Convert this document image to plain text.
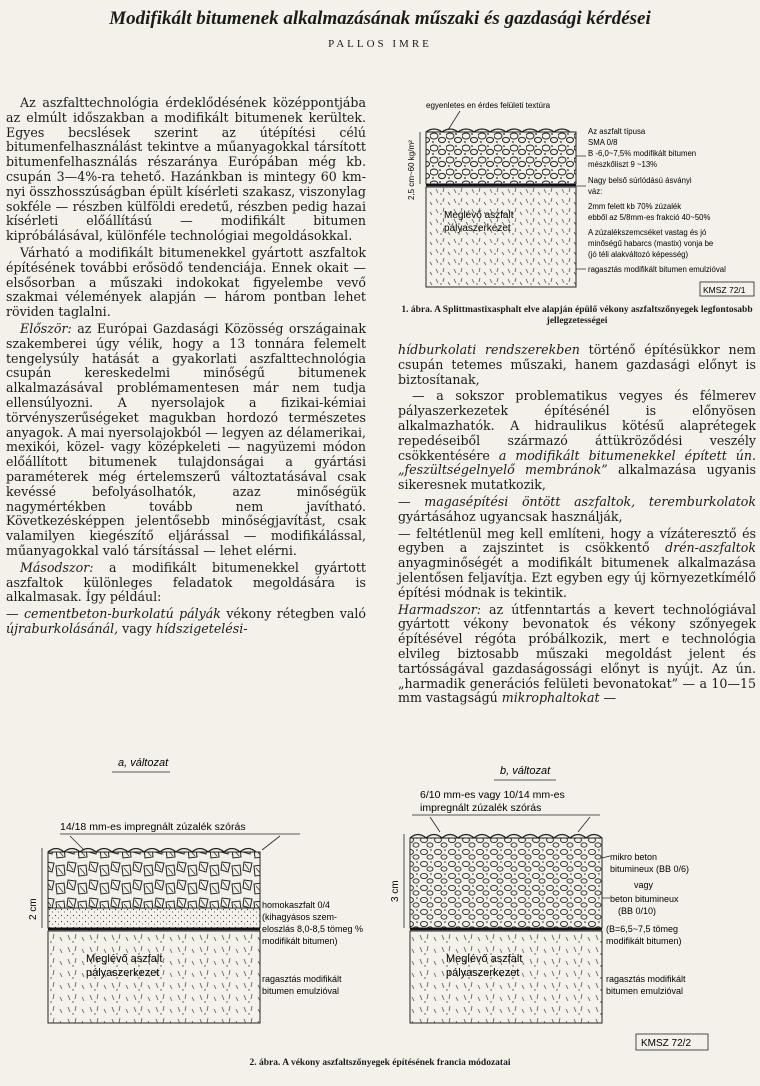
Modifikált bitumenek alkalmazásának műszaki és gazdasági kérdései
PALLOS IMRE

Az aszfalttechnológia érdeklődésének középpontjába az elmúlt időszakban a modifikált bitumenek kerültek. Egyes becslések szerint az útépítési célú bitumenfelhasználást tekintve a műanyagokkal társított bitumenfelhasználás részaránya Európában még kb. csupán 3—4%-ra tehető. Hazánkban is mintegy 60 km-nyi összhosszúságban épült kísérleti szakasz, viszonylag sokféle — részben külföldi eredetű, részben pedig hazai kísérleti előállítású — modifikált bitumen kipróbálásával, különféle technológiai megoldásokkal.

Várható a modifikált bitumenekkel gyártott aszfaltok építésének további erősödő tendenciája. Ennek okait — elsősorban a műszaki indokokat figyelembe vevő szakmai vélemények alapján — három pontban lehet röviden taglalni.

Először: az Európai Gazdasági Közösség országainak szakemberei úgy vélik, hogy a 13 tonnára felemelt tengelysúly hatását a gyakorlati aszfalttechnológia csupán kereskedelmi minőségű bitumenek alkalmazásával problémamentesen már nem tudja ellensúlyozni. A nyersolajok a fizikai-kémiai törvényszerűségeket magukban hordozó természetes anyagok. A mai nyersolajokból — legyen az délamerikai, mexikói, közel- vagy középkeleti — nagyüzemi módon előállított bitumenek tulajdonságai a gyártási paraméterek még értelemszerű változtatásával csak kevéssé befolyásolhatók, azaz minőségük nagymértékben tovább nem javítható. Következésképpen jelentősebb minőségjavítást, csak valamilyen kiegészítő eljárással — modifikálással, műanyagokkal való társítással — lehet elérni.

Másodszor: a modifikált bitumenekkel gyártott aszfaltok különleges feladatok megoldására is alkalmasak. Így például:

— cementbeton-burkolatú pályák vékony rétegben való újraburkolásánál, vagy hídszigetelési-

egyenletes en érdes felületi textúra
2,5 cm~60 kg/m²
Meglévő aszfalt
pályaszerkezet
Az aszfalt típusa
SMA 0/8
B -6,0~7,5% modifikált bitumen
mészkőliszt 9 ~13%
Nagy belső súrlódású ásványi
váz:
2mm felett kb 70% zúzalék
ebből az 5/8mm-es frakció 40~50%
A zúzalékszemcséket vastag és jó
minőségű habarcs (mastix) vonja be
(jó téli alakváltozó képesség)
ragasztás modifikált bitumen emulzióval
KMSZ 72/1
1. ábra. A Splittmastixasphalt elve alapján épülő vékony aszfaltszőnyegek legfontosabb jellegzetességei

hídburkolati rendszerekben történő építésükkor nem csupán tetemes műszaki, hanem gazdasági előnyt is biztosítanak,

— a sokszor problematikus vegyes és félmerev pályaszerkezetek építésénél is előnyösen alkalmazhatók. A hidraulikus kötésű alaprétegek repedéseiből származó áttükröződési veszély csökkentésére a modifikált bitumenekkel épített ún. „feszültségelnyelő membránok” alkalmazása ugyanis sikeresnek mutatkozik,

— magasépítési öntött aszfaltok, teremburkolatok gyártásához ugyancsak használják,

— feltétlenül meg kell említeni, hogy a vízáteresztő és egyben a zajszintet is csökkentő drén-aszfaltok anyagminőségét a modifikált bitumenek alkalmazása jelentősen feljavítja. Ezt egyben egy új környezetkímélő építési módnak is tekintik.

Harmadszor: az útfenntartás a kevert technológiával gyártott vékony bevonatok és vékony szőnyegek építésével régóta próbálkozik, mert e technológia elvileg biztosabb műszaki megoldást jelent és tartósságával gazdaságossági előnyt is nyújt. Az ún. „harmadik generációs felületi bevonatokat” — a 10—15 mm vastagságú mikrophaltokat —

a, változat
14/18 mm-es impregnált zúzalék szórás
2 cm
Meglévő aszfalt
pályaszerkezet
homokaszfalt 0/4
(kihagyásos szem-
eloszlás 8,0-8,5 tömeg %
modifikált bitumen)
ragasztás modifikált
bitumen emulzióval
b, változat
6/10 mm-es vagy 10/14 mm-es
impregnált zúzalék szórás
3 cm
Meglévő aszfalt
pályaszerkezet
mikro beton
bitumineux (BB 0/6)
vagy
beton bitumineux
(BB 0/10)
(B=6,5~7,5 tömeg
modifikált bitumen)
ragasztás modifikált
bitumen emulzióval
KMSZ 72/2
2. ábra. A vékony aszfaltszőnyegek építésének francia módozatai
